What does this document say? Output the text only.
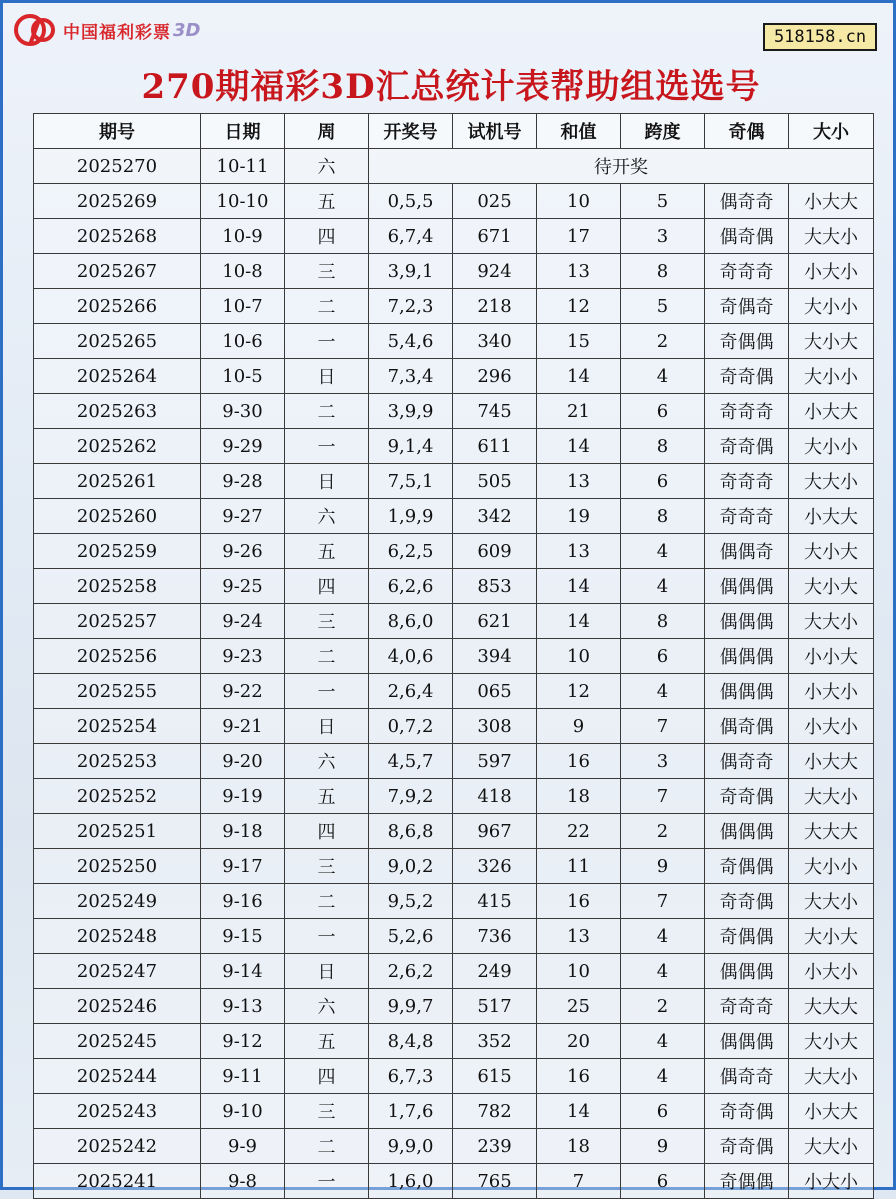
中国福利彩票 3D	518158.cn
270期福彩3D汇总统计表帮助组选选号
期号	日期	周	开奖号	试机号	和值	跨度	奇偶	大小
2025270	10-11	六	待开奖					
2025269	10-10	五	0,5,5	025	10	5	偶奇奇	小大大
2025268	10-9	四	6,7,4	671	17	3	偶奇偶	大大小
2025267	10-8	三	3,9,1	924	13	8	奇奇奇	小大小
2025266	10-7	二	7,2,3	218	12	5	奇偶奇	大小小
2025265	10-6	一	5,4,6	340	15	2	奇偶偶	大小大
2025264	10-5	日	7,3,4	296	14	4	奇奇偶	大小小
2025263	9-30	二	3,9,9	745	21	6	奇奇奇	小大大
2025262	9-29	一	9,1,4	611	14	8	奇奇偶	大小小
2025261	9-28	日	7,5,1	505	13	6	奇奇奇	大大小
2025260	9-27	六	1,9,9	342	19	8	奇奇奇	小大大
2025259	9-26	五	6,2,5	609	13	4	偶偶奇	大小大
2025258	9-25	四	6,2,6	853	14	4	偶偶偶	大小大
2025257	9-24	三	8,6,0	621	14	8	偶偶偶	大大小
2025256	9-23	二	4,0,6	394	10	6	偶偶偶	小小大
2025255	9-22	一	2,6,4	065	12	4	偶偶偶	小大小
2025254	9-21	日	0,7,2	308	9	7	偶奇偶	小大小
2025253	9-20	六	4,5,7	597	16	3	偶奇奇	小大大
2025252	9-19	五	7,9,2	418	18	7	奇奇偶	大大小
2025251	9-18	四	8,6,8	967	22	2	偶偶偶	大大大
2025250	9-17	三	9,0,2	326	11	9	奇偶偶	大小小
2025249	9-16	二	9,5,2	415	16	7	奇奇偶	大大小
2025248	9-15	一	5,2,6	736	13	4	奇偶偶	大小大
2025247	9-14	日	2,6,2	249	10	4	偶偶偶	小大小
2025246	9-13	六	9,9,7	517	25	2	奇奇奇	大大大
2025245	9-12	五	8,4,8	352	20	4	偶偶偶	大小大
2025244	9-11	四	6,7,3	615	16	4	偶奇奇	大大小
2025243	9-10	三	1,7,6	782	14	6	奇奇偶	小大大
2025242	9-9	二	9,9,0	239	18	9	奇奇偶	大大小
2025241	9-8	一	1,6,0	765	7	6	奇偶偶	小大小
